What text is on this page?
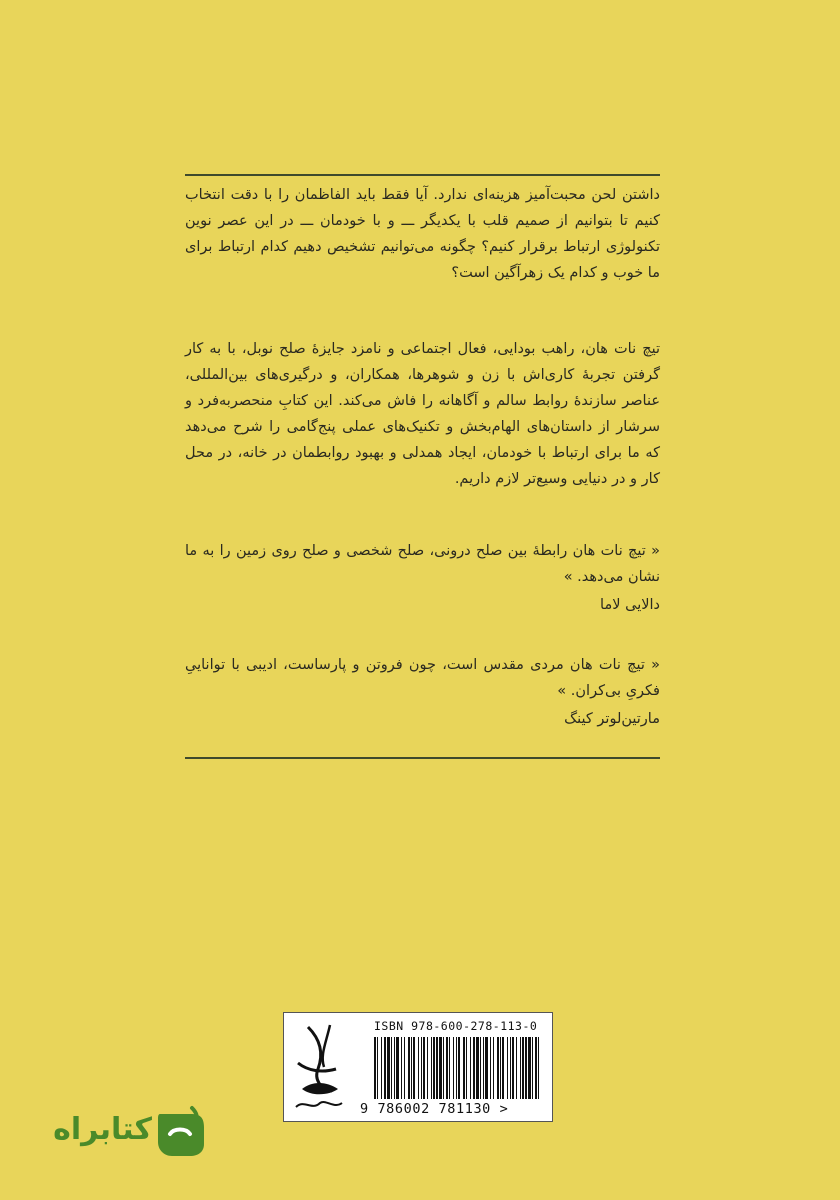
داشتن لحن محبت‌آمیز هزینه‌ای ندارد. آیا فقط باید الفاظمان را با دقت انتخاب کنیم تا بتوانیم از صمیم قلب با یکدیگر ـــ و با خودمان ـــ در این عصر نوین تکنولوژی ارتباط برقرار کنیم؟ چگونه می‌توانیم تشخیص دهیم کدام ارتباط برای ما خوب و کدام یک زهرآگین است؟

تیچ نات هان، راهب بودایی، فعال اجتماعی و نامزد جایزهٔ صلح نوبل، با به کار گرفتن تجربهٔ کاری‌اش با زن و شوهرها، همکاران، و درگیری‌های بین‌المللی، عناصر سازندهٔ روابط سالم و آگاهانه را فاش می‌کند. این کتابِ منحصربه‌فرد و سرشار از داستان‌های الهام‌بخش و تکنیک‌های عملی پنج‌گامی را شرح می‌دهد که ما برای ارتباط با خودمان، ایجاد همدلی و بهبود روابطمان در خانه، در محل کار و در دنیایی وسیع‌تر لازم داریم.

« تیچ نات هان رابطهٔ بین صلح درونی، صلح شخصی و صلح روی زمین را به ما نشان می‌دهد. »

دالایی لاما

« تیچ نات هان مردی مقدس است، چون فروتن و پارساست، ادیبی با تواناییِ فکریِ بی‌کران. »

مارتین‌لوتر کینگ
ISBN 978-600-278-113-0
9 786002 781130 >
کتابراه
